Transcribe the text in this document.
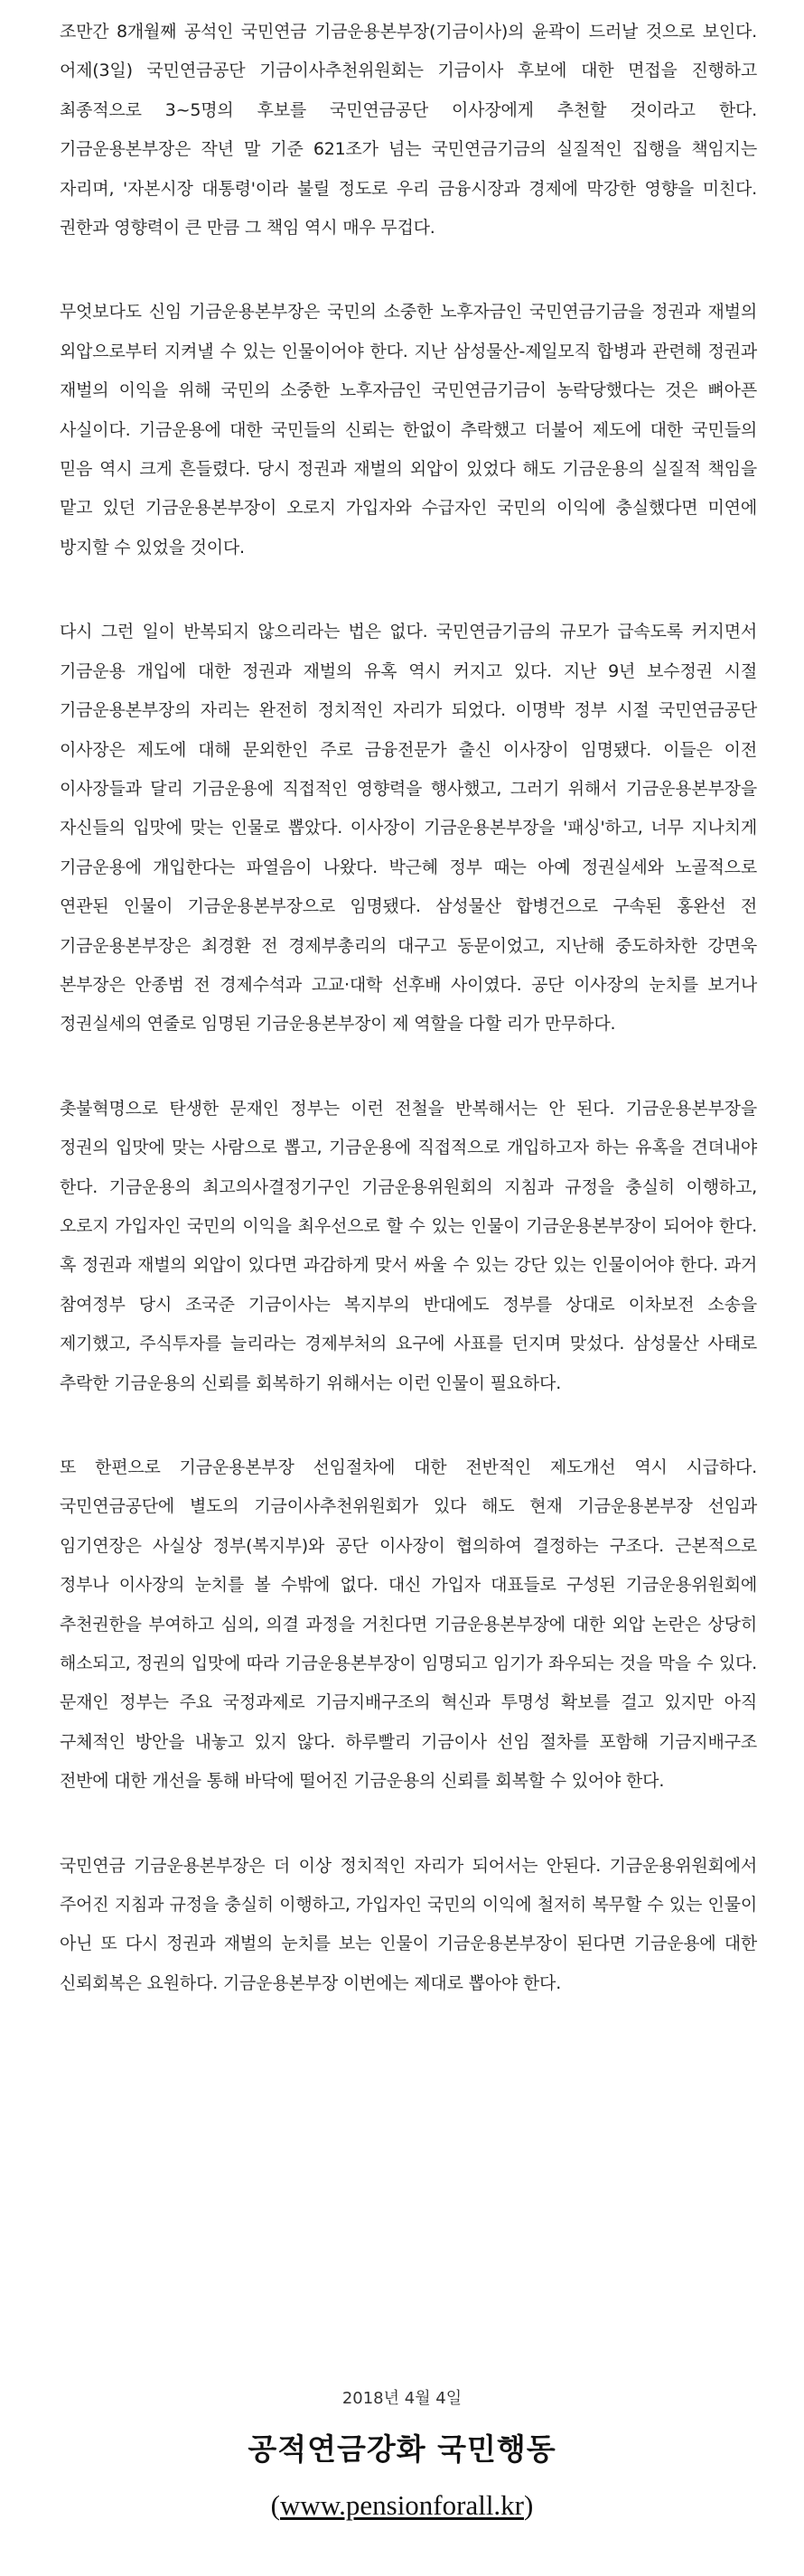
조만간 8개월째 공석인 국민연금 기금운용본부장(기금이사)의 윤곽이 드러날 것으로 보인다. 어제(3일) 국민연금공단 기금이사추천위원회는 기금이사 후보에 대한 면접을 진행하고 최종적으로 3~5명의 후보를 국민연금공단 이사장에게 추천할 것이라고 한다. 기금운용본부장은 작년 말 기준 621조가 넘는 국민연금기금의 실질적인 집행을 책임지는 자리며, '자본시장 대통령'이라 불릴 정도로 우리 금융시장과 경제에 막강한 영향을 미친다. 권한과 영향력이 큰 만큼 그 책임 역시 매우 무겁다.

무엇보다도 신임 기금운용본부장은 국민의 소중한 노후자금인 국민연금기금을 정권과 재벌의 외압으로부터 지켜낼 수 있는 인물이어야 한다. 지난 삼성물산-제일모직 합병과 관련해 정권과 재벌의 이익을 위해 국민의 소중한 노후자금인 국민연금기금이 농락당했다는 것은 뼈아픈 사실이다. 기금운용에 대한 국민들의 신뢰는 한없이 추락했고 더불어 제도에 대한 국민들의 믿음 역시 크게 흔들렸다. 당시 정권과 재벌의 외압이 있었다 해도 기금운용의 실질적 책임을 맡고 있던 기금운용본부장이 오로지 가입자와 수급자인 국민의 이익에 충실했다면 미연에 방지할 수 있었을 것이다.

다시 그런 일이 반복되지 않으리라는 법은 없다. 국민연금기금의 규모가 급속도록 커지면서 기금운용 개입에 대한 정권과 재벌의 유혹 역시 커지고 있다. 지난 9년 보수정권 시절 기금운용본부장의 자리는 완전히 정치적인 자리가 되었다. 이명박 정부 시절 국민연금공단 이사장은 제도에 대해 문외한인 주로 금융전문가 출신 이사장이 임명됐다. 이들은 이전 이사장들과 달리 기금운용에 직접적인 영향력을 행사했고, 그러기 위해서 기금운용본부장을 자신들의 입맛에 맞는 인물로 뽑았다. 이사장이 기금운용본부장을 '패싱'하고, 너무 지나치게 기금운용에 개입한다는 파열음이 나왔다. 박근혜 정부 때는 아예 정권실세와 노골적으로 연관된 인물이 기금운용본부장으로 임명됐다. 삼성물산 합병건으로 구속된 홍완선 전 기금운용본부장은 최경환 전 경제부총리의 대구고 동문이었고, 지난해 중도하차한 강면욱 본부장은 안종범 전 경제수석과 고교·대학 선후배 사이였다. 공단 이사장의 눈치를 보거나 정권실세의 연줄로 임명된 기금운용본부장이 제 역할을 다할 리가 만무하다.

촛불혁명으로 탄생한 문재인 정부는 이런 전철을 반복해서는 안 된다. 기금운용본부장을 정권의 입맛에 맞는 사람으로 뽑고, 기금운용에 직접적으로 개입하고자 하는 유혹을 견뎌내야 한다. 기금운용의 최고의사결정기구인 기금운용위원회의 지침과 규정을 충실히 이행하고, 오로지 가입자인 국민의 이익을 최우선으로 할 수 있는 인물이 기금운용본부장이 되어야 한다. 혹 정권과 재벌의 외압이 있다면 과감하게 맞서 싸울 수 있는 강단 있는 인물이어야 한다. 과거 참여정부 당시 조국준 기금이사는 복지부의 반대에도 정부를 상대로 이차보전 소송을 제기했고, 주식투자를 늘리라는 경제부처의 요구에 사표를 던지며 맞섰다. 삼성물산 사태로 추락한 기금운용의 신뢰를 회복하기 위해서는 이런 인물이 필요하다.

또 한편으로 기금운용본부장 선임절차에 대한 전반적인 제도개선 역시 시급하다. 국민연금공단에 별도의 기금이사추천위원회가 있다 해도 현재 기금운용본부장 선임과 임기연장은 사실상 정부(복지부)와 공단 이사장이 협의하여 결정하는 구조다. 근본적으로 정부나 이사장의 눈치를 볼 수밖에 없다. 대신 가입자 대표들로 구성된 기금운용위원회에 추천권한을 부여하고 심의, 의결 과정을 거친다면 기금운용본부장에 대한 외압 논란은 상당히 해소되고, 정권의 입맛에 따라 기금운용본부장이 임명되고 임기가 좌우되는 것을 막을 수 있다. 문재인 정부는 주요 국정과제로 기금지배구조의 혁신과 투명성 확보를 걸고 있지만 아직 구체적인 방안을 내놓고 있지 않다. 하루빨리 기금이사 선임 절차를 포함해 기금지배구조 전반에 대한 개선을 통해 바닥에 떨어진 기금운용의 신뢰를 회복할 수 있어야 한다.

국민연금 기금운용본부장은 더 이상 정치적인 자리가 되어서는 안된다. 기금운용위원회에서 주어진 지침과 규정을 충실히 이행하고, 가입자인 국민의 이익에 철저히 복무할 수 있는 인물이 아닌 또 다시 정권과 재벌의 눈치를 보는 인물이 기금운용본부장이 된다면 기금운용에 대한 신뢰회복은 요원하다. 기금운용본부장 이번에는 제대로 뽑아야 한다.

2018년 4월 4일
공적연금강화 국민행동
(www.pensionforall.kr)
